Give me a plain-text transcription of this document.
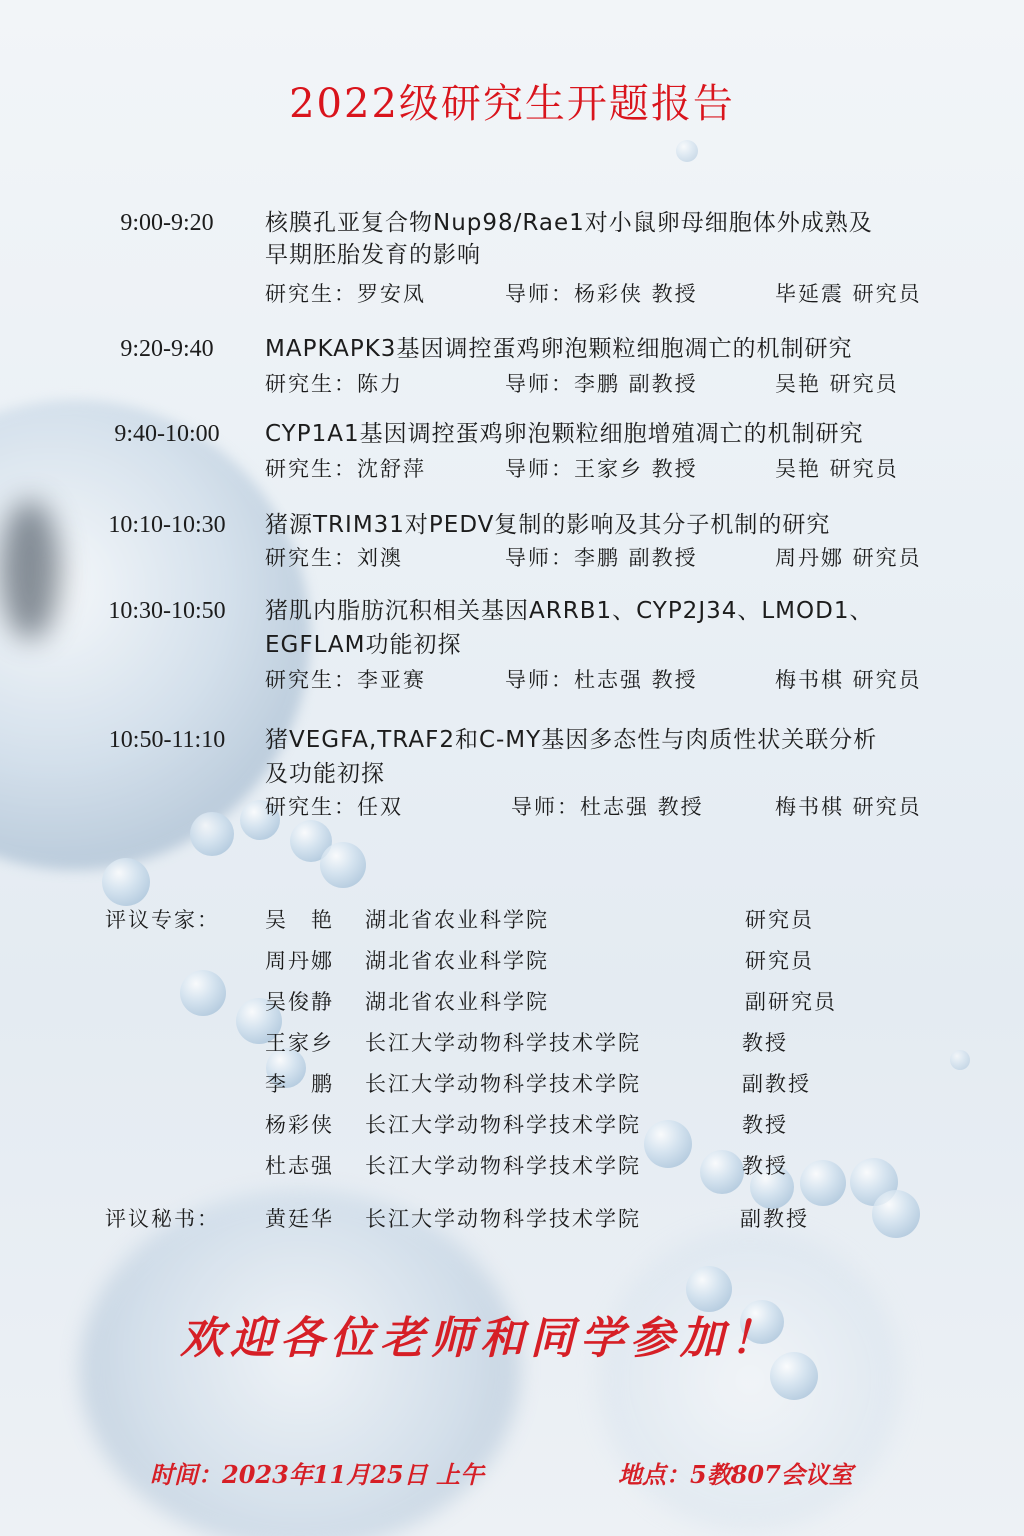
2022级研究生开题报告
9:00-9:20	核膜孔亚复合物Nup98/Rae1对小鼠卵母细胞体外成熟及
早期胚胎发育的影响
研究生：罗安凤	导师：杨彩侠 教授	毕延震 研究员
9:20-9:40	MAPKAPK3基因调控蛋鸡卵泡颗粒细胞凋亡的机制研究
研究生：陈力	导师：李鹏 副教授	吴艳 研究员
9:40-10:00	CYP1A1基因调控蛋鸡卵泡颗粒细胞增殖凋亡的机制研究
研究生：沈舒萍	导师：王家乡 教授	吴艳 研究员
10:10-10:30	猪源TRIM31对PEDV复制的影响及其分子机制的研究
研究生：刘澳	导师：李鹏 副教授	周丹娜 研究员
10:30-10:50	猪肌内脂肪沉积相关基因ARRB1、CYP2J34、LMOD1、
EGFLAM功能初探
研究生：李亚赛	导师：杜志强 教授	梅书棋 研究员
10:50-11:10	猪VEGFA,TRAF2和C-MY基因多态性与肉质性状关联分析
及功能初探
研究生：任双	导师：杜志强 教授	梅书棋 研究员
评议专家： 吴　艳 湖北省农业科学院	研究员
周丹娜 湖北省农业科学院	研究员
吴俊静 湖北省农业科学院	副研究员
王家乡 长江大学动物科学技术学院	教授
李　鹏 长江大学动物科学技术学院	副教授
杨彩侠 长江大学动物科学技术学院	教授
杜志强 长江大学动物科学技术学院	教授
评议秘书： 黄廷华 长江大学动物科学技术学院	副教授
欢迎各位老师和同学参加！
时间：2023年11月25日 上午	地点：5教807会议室
